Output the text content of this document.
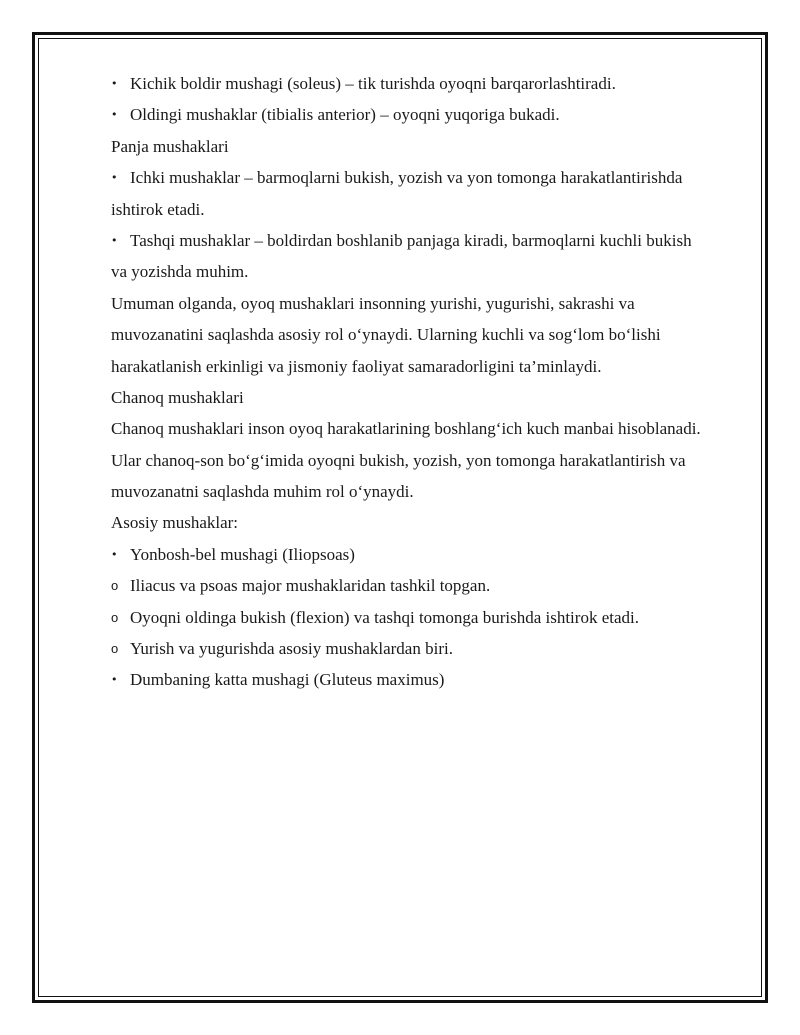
• Kichik boldir mushagi (soleus) – tik turishda oyoqni barqarorlashtiradi.
• Oldingi mushaklar (tibialis anterior) – oyoqni yuqoriga bukadi.
Panja mushaklari
• Ichki mushaklar – barmoqlarni bukish, yozish va yon tomonga harakatlantirishda
ishtirok etadi.
• Tashqi mushaklar – boldirdan boshlanib panjaga kiradi, barmoqlarni kuchli bukish
va yozishda muhim.
Umuman olganda, oyoq mushaklari insonning yurishi, yugurishi, sakrashi va muvozanatini saqlashda asosiy rol o‘ynaydi. Ularning kuchli va sog‘lom bo‘lishi
harakatlanish erkinligi va jismoniy faoliyat samaradorligini ta’minlaydi.
Chanoq mushaklari
Chanoq mushaklari inson oyoq harakatlarining boshlang‘ich kuch manbai hisoblanadi. Ular chanoq-son bo‘g‘imida oyoqni bukish, yozish, yon tomonga harakatlantirish va
muvozanatni saqlashda muhim rol o‘ynaydi.
Asosiy mushaklar:
• Yonbosh-bel mushagi (Iliopsoas)
o Iliacus va psoas major mushaklaridan tashkil topgan.
o Oyoqni oldinga bukish (flexion) va tashqi tomonga burishda ishtirok etadi.
o Yurish va yugurishda asosiy mushaklardan biri.
• Dumbaning katta mushagi (Gluteus maximus)
